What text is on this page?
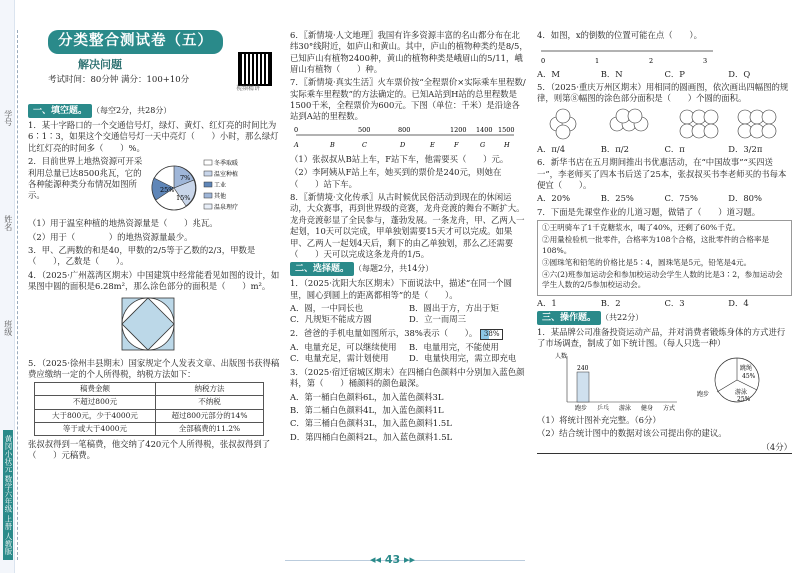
学号
姓名
班级
黄冈小状元 数学六年级 上册 人教版
分类整合测试卷（五）
解决问题
考试时间：80分钟 满分：100+10分
视频精讲

一、填空题。 （每空2分，共28分）

1．某十字路口的一个交通信号灯，绿灯、黄灯、红灯亮的时间比为6∶1∶3，如果这个交通信号灯一天中亮灯（　　）小时，那么绿灯比红灯亮的时间多（　　）%。

2．目前世界上地热资源可开采利用总量已达8500兆瓦，它的各种能源种类分布情况如图所示。

25%
15%
7%
冬季取暖
温室种植
工业
其他
温泉理疗

（1）用于温室种植的地热资源量是（　　）兆瓦。

（2）用于（　　　　）的地热资源量最少。

3．甲、乙两数的和是40，甲数的2/5等于乙数的2/3，甲数是（　　），乙数是（　　）。

4．（2025·广州荔湾区期末）中国建筑中经常能看见如图的设计，如果图中圆的面积是6.28m²，那么涂色部分的面积是（　　）m²。

5．（2025·徐州丰县期末）国家规定个人发表文章、出版图书获得稿费应缴纳一定的个人所得税，纳税方法如下：

稿费金额	纳税方法
不超过800元	不纳税
大于800元，少于4000元	超过800元部分的14%
等于或大于4000元	全部稿费的11.2%

张叔叔得到一笔稿费，他交纳了420元个人所得税，张叔叔得到了（　　）元稿费。

6．〖新情境·人文地理〗我国有许多资源丰富的名山都分布在北纬30°线附近，如庐山和黄山。其中，庐山的植物种类约是8/5，已知庐山有植物2400种，黄山的植物种类是峨眉山的5/11，峨眉山有植物（　　）种。

7．〖新情境·真实生活〗火车票价按“全程票价×实际乘车里程数/实际乘车里程数”的方法确定的。已知A站到H站的总里程数是1500千米，全程票价为600元。下图（单位：千米）是沿途各站到A站的里程数。

0	500	800	1200 1400 1500
A	B	C	D	E	F	G	H

（1）张叔叔从B站上车，F站下车，他需要买（　　）元。

（2）李阿姨从F站上车，她买到的票价是240元，则她在（　　）站下车。

8．〖新情境·文化传承〗从古时候优民俗活动到现在的休闲运动，大众赛事，再到世界级的竞赛，龙舟竞渡的舞台不断扩大。龙舟竞渡彰显了全民参与，蓬勃发展。一条龙舟，甲、乙两人一起划，10天可以完成，甲单独划需要15天才可以完成。如果甲、乙两人一起划4天后，剩下的由乙单独划，那么乙还需要（　　）天可以完成这条龙舟的1/5。

二、选择题。 （每题2分，共14分）

1．（2025·沈阳大东区期末）下面说法中，描述“在同一个圆里，圆心到圆上的距离都相等”的是（　　）。

A．圆，一中同长也	B．圆出于方，方出于矩
C．凡规矩不能成方圆	D．立一而周三

2．爸爸的手机电量如图所示，38%表示（　　）。 38%

A．电量充足，可以继续使用	B．电量用完，不能使用
C．电量充足，需计划使用	D．电量快用完，需立即充电

3．（2025·宿迁宿城区期末）在四桶白色颜料中分别加入蓝色颜料，第（　　）桶颜料的颜色最深。

A．第一桶白色颜料6L，加入蓝色颜料3L

B．第二桶白色颜料4L，加入蓝色颜料1L

C．第三桶白色颜料3L，加入蓝色颜料1.5L

D．第四桶白色颜料2L，加入蓝色颜料1.5L

4．如图，x的倒数的位置可能在点（　　）。

0	1	2	3
A．M	B．N	C．P	D．Q

5．（2025·重庆万州区期末）用相同的圆画图，依次画出四幅图的规律，则第⑧幅图的涂色部分面积是（　　）个圆的面积。

A．π/4	B．π/2	C．π	D．3/2π

6．新华书店在五月期间推出书优惠活动，在“中国故事”“买四送一”，李老师买了四本书后送了25本，张叔叔买书李老师买的书每本便宜（　　）。

A．20%	B．25%	C．75%	D．80%

7．下面是先课堂作业的儿道习题，做错了（　　）道习题。

①王明骑车了1千克糖浆水，喝了40%，还剩了60%千克。

②用量检验机一批零件，合格率为108个合格，这批零件的合格率是108%。

③圆珠笔和铅笔的价格比是5∶4，圆珠笔是5元，铅笔是4元。

④六(2)班参加运动会和参加校运动会学生人数的比是3∶2，参加运动会学生人数的2/5参加校运动会。

A．1	B．2	C．3	D．4

三、操作题。 （共22分）

1．某品牌公司准备投资运动产品，并对消费者锻炼身体的方式进行了市场调查，制成了如下统计图。（每人只选一种）

人数
240
跑步 乒乓 游泳 健身 方式
跳绳
45%
游泳
25%
跑步

（1）将统计图补充完整。（6分）

（2）结合统计图中的数据对该公司提出你的建议。

（4分）

◂◂ 43 ▸▸
